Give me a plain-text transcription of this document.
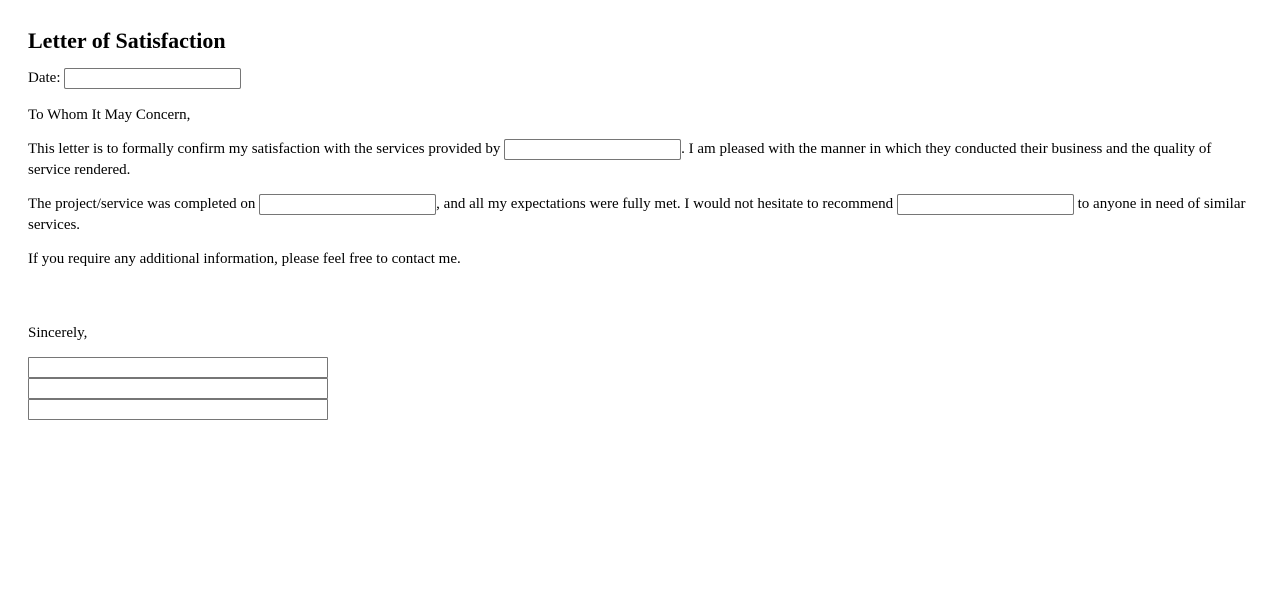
Letter of Satisfaction

Date:

To Whom It May Concern,

This letter is to formally confirm my satisfaction with the services provided by	. I am pleased with the manner in which they conducted their business and the quality of service rendered.

The project/service was completed on	, and all my expectations were fully met. I would not hesitate to recommend	to anyone in need of similar services.

If you require any additional information, please feel free to contact me.

Sincerely,
